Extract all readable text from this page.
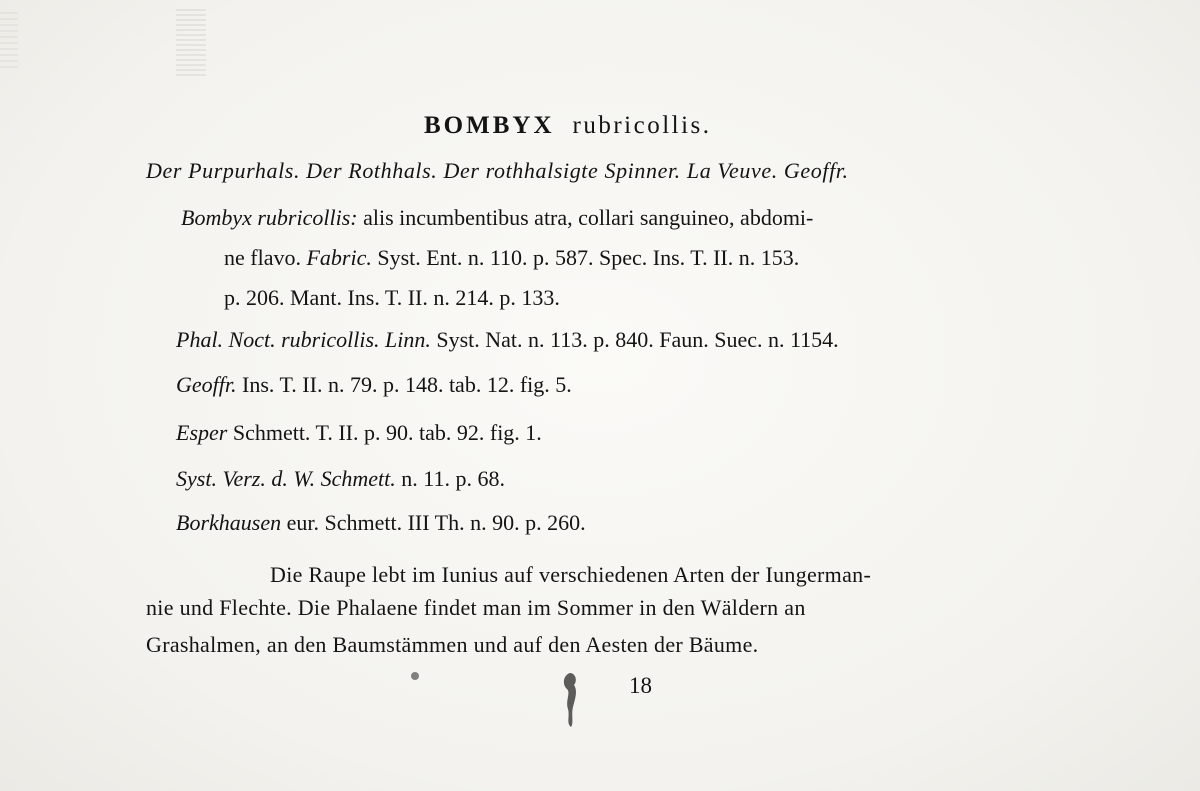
BOMBYX rubricollis.
Der Purpurhals. Der Rothhals. Der rothhalsigte Spinner. La Veuve. Geoffr.
Bombyx rubricollis: alis incumbentibus atra, collari sanguineo, abdomi-
ne flavo. Fabric. Syst. Ent. n. 110. p. 587. Spec. Ins. T. II. n. 153.
p. 206. Mant. Ins. T. II. n. 214. p. 133.
Phal. Noct. rubricollis. Linn. Syst. Nat. n. 113. p. 840. Faun. Suec. n. 1154.
Geoffr. Ins. T. II. n. 79. p. 148. tab. 12. fig. 5.
Esper Schmett. T. II. p. 90. tab. 92. fig. 1.
Syst. Verz. d. W. Schmett. n. 11. p. 68.
Borkhausen eur. Schmett. III Th. n. 90. p. 260.
Die Raupe lebt im Iunius auf verschiedenen Arten der Iungerman-
nie und Flechte. Die Phalaene findet man im Sommer in den Wäldern an
Grashalmen, an den Baumstämmen und auf den Aesten der Bäume.
18
